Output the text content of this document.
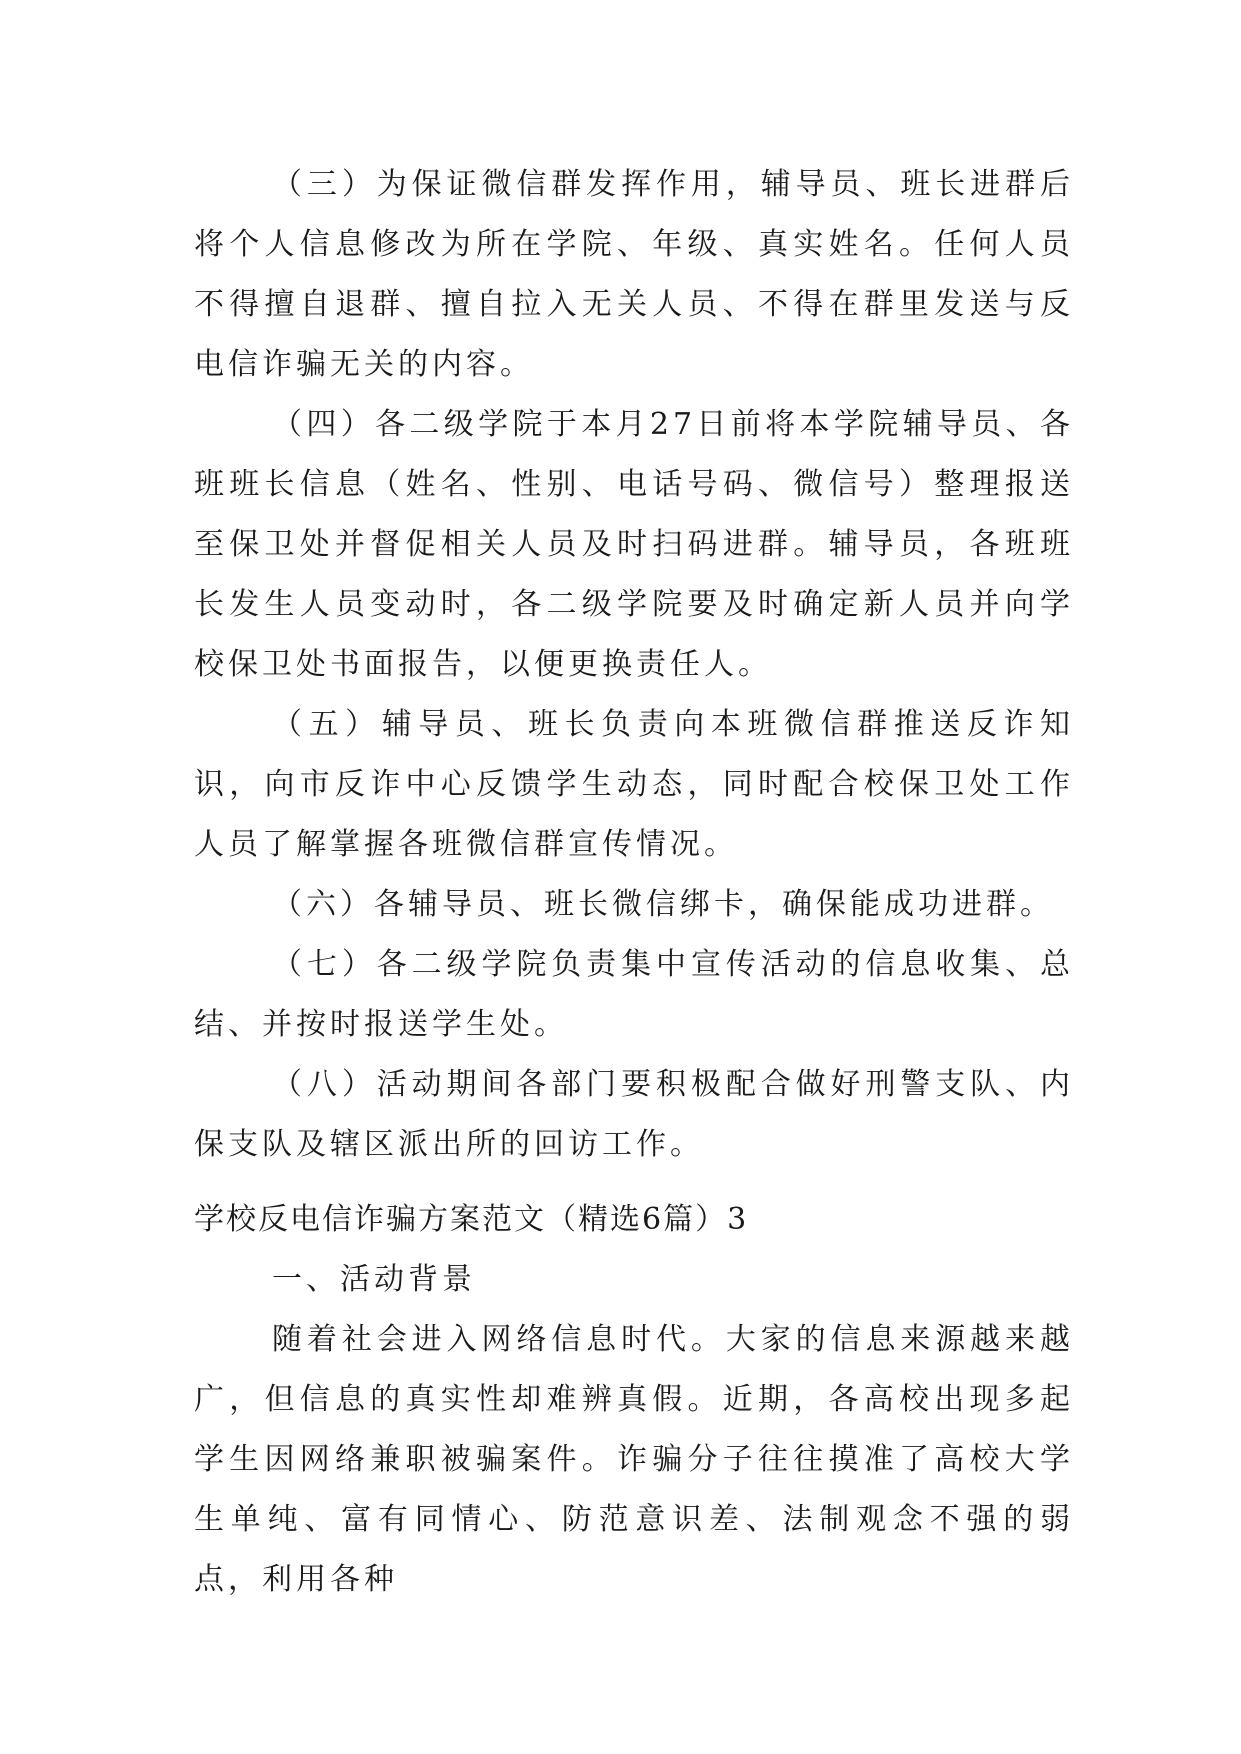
（三）为保证微信群发挥作用，辅导员、班长进群后将个人信息修改为所在学院、年级、真实姓名。任何人员不得擅自退群、擅自拉入无关人员、不得在群里发送与反电信诈骗无关的内容。

（四）各二级学院于本月27日前将本学院辅导员、各班班长信息（姓名、性别、电话号码、微信号）整理报送至保卫处并督促相关人员及时扫码进群。辅导员，各班班长发生人员变动时，各二级学院要及时确定新人员并向学校保卫处书面报告，以便更换责任人。

（五）辅导员、班长负责向本班微信群推送反诈知识，向市反诈中心反馈学生动态，同时配合校保卫处工作人员了解掌握各班微信群宣传情况。

（六）各辅导员、班长微信绑卡，确保能成功进群。

（七）各二级学院负责集中宣传活动的信息收集、总结、并按时报送学生处。

（八）活动期间各部门要积极配合做好刑警支队、内保支队及辖区派出所的回访工作。

学校反电信诈骗方案范文（精选6篇）3

一、活动背景

随着社会进入网络信息时代。大家的信息来源越来越广，但信息的真实性却难辨真假。近期，各高校出现多起学生因网络兼职被骗案件。诈骗分子往往摸准了高校大学生单纯、富有同情心、防范意识差、法制观念不强的弱点，利用各种
